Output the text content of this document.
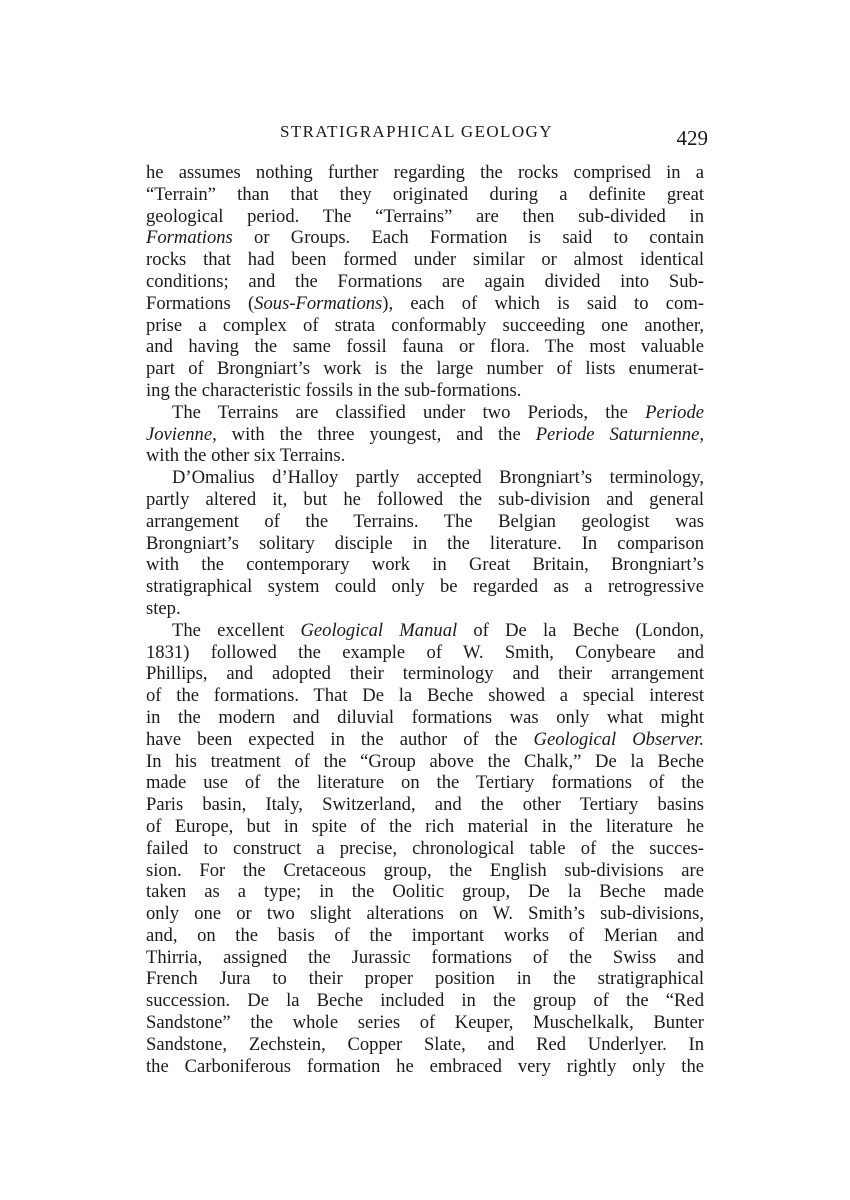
STRATIGRAPHICAL GEOLOGY	429
he assumes nothing further regarding the rocks comprised in a
“Terrain” than that they originated during a definite great
geological period. The “Terrains” are then sub-divided in
Formations or Groups. Each Formation is said to contain
rocks that had been formed under similar or almost identical
conditions; and the Formations are again divided into Sub-
Formations (Sous-Formations), each of which is said to com-
prise a complex of strata conformably succeeding one another,
and having the same fossil fauna or flora. The most valuable
part of Brongniart’s work is the large number of lists enumerat-
ing the characteristic fossils in the sub-formations.
The Terrains are classified under two Periods, the Periode
Jovienne, with the three youngest, and the Periode Saturnienne,
with the other six Terrains.
D’Omalius d’Halloy partly accepted Brongniart’s terminology,
partly altered it, but he followed the sub-division and general
arrangement of the Terrains. The Belgian geologist was
Brongniart’s solitary disciple in the literature. In comparison
with the contemporary work in Great Britain, Brongniart’s
stratigraphical system could only be regarded as a retrogressive
step.
The excellent Geological Manual of De la Beche (London,
1831) followed the example of W. Smith, Conybeare and
Phillips, and adopted their terminology and their arrangement
of the formations. That De la Beche showed a special interest
in the modern and diluvial formations was only what might
have been expected in the author of the Geological Observer.
In his treatment of the “Group above the Chalk,” De la Beche
made use of the literature on the Tertiary formations of the
Paris basin, Italy, Switzerland, and the other Tertiary basins
of Europe, but in spite of the rich material in the literature he
failed to construct a precise, chronological table of the succes-
sion. For the Cretaceous group, the English sub-divisions are
taken as a type; in the Oolitic group, De la Beche made
only one or two slight alterations on W. Smith’s sub-divisions,
and, on the basis of the important works of Merian and
Thirria, assigned the Jurassic formations of the Swiss and
French Jura to their proper position in the stratigraphical
succession. De la Beche included in the group of the “Red
Sandstone” the whole series of Keuper, Muschelkalk, Bunter
Sandstone, Zechstein, Copper Slate, and Red Underlyer. In
the Carboniferous formation he embraced very rightly only the
